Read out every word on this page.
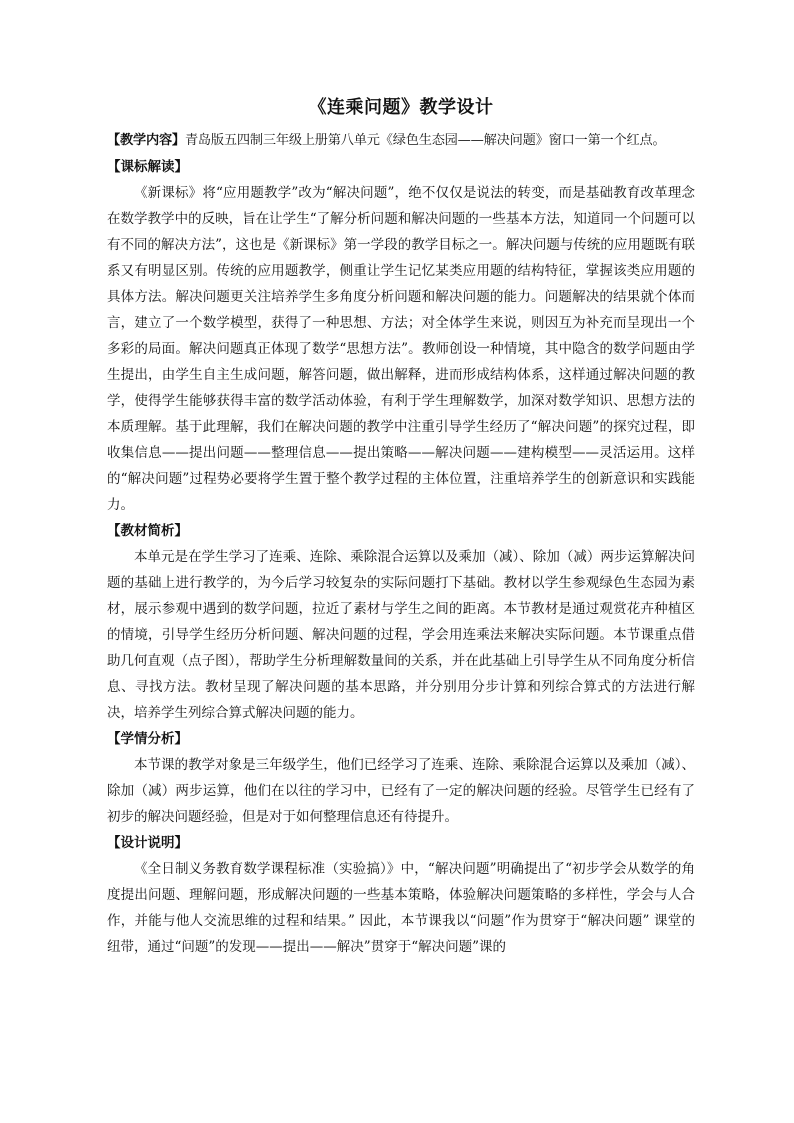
《连乘问题》教学设计

【教学内容】青岛版五四制三年级上册第八单元《绿色生态园——解决问题》窗口一第一个红点。

【课标解读】

《新课标》将“应用题教学”改为“解决问题”，绝不仅仅是说法的转变，而是基础教育改革理念在数学教学中的反映，旨在让学生“了解分析问题和解决问题的一些基本方法，知道同一个问题可以有不同的解决方法”，这也是《新课标》第一学段的教学目标之一。解决问题与传统的应用题既有联系又有明显区别。传统的应用题教学，侧重让学生记忆某类应用题的结构特征，掌握该类应用题的具体方法。解决问题更关注培养学生多角度分析问题和解决问题的能力。问题解决的结果就个体而言，建立了一个数学模型，获得了一种思想、方法；对全体学生来说，则因互为补充而呈现出一个多彩的局面。解决问题真正体现了数学“思想方法”。教师创设一种情境，其中隐含的数学问题由学生提出，由学生自主生成问题，解答问题，做出解释，进而形成结构体系，这样通过解决问题的教学，使得学生能够获得丰富的数学活动体验，有利于学生理解数学，加深对数学知识、思想方法的本质理解。基于此理解，我们在解决问题的教学中注重引导学生经历了“解决问题”的探究过程，即收集信息——提出问题——整理信息——提出策略——解决问题——建构模型——灵活运用。这样的“解决问题”过程势必要将学生置于整个教学过程的主体位置，注重培养学生的创新意识和实践能力。

【教材简析】

本单元是在学生学习了连乘、连除、乘除混合运算以及乘加（减）、除加（减）两步运算解决问题的基础上进行教学的，为今后学习较复杂的实际问题打下基础。教材以学生参观绿色生态园为素材，展示参观中遇到的数学问题，拉近了素材与学生之间的距离。本节教材是通过观赏花卉种植区的情境，引导学生经历分析问题、解决问题的过程，学会用连乘法来解决实际问题。本节课重点借助几何直观（点子图），帮助学生分析理解数量间的关系，并在此基础上引导学生从不同角度分析信息、寻找方法。教材呈现了解决问题的基本思路，并分别用分步计算和列综合算式的方法进行解决，培养学生列综合算式解决问题的能力。

【学情分析】

本节课的教学对象是三年级学生，他们已经学习了连乘、连除、乘除混合运算以及乘加（减）、除加（减）两步运算，他们在以往的学习中，已经有了一定的解决问题的经验。尽管学生已经有了初步的解决问题经验，但是对于如何整理信息还有待提升。

【设计说明】

《全日制义务教育数学课程标准（实验搞）》中，“解决问题”明确提出了“初步学会从数学的角度提出问题、理解问题，形成解决问题的一些基本策略，体验解决问题策略的多样性，学会与人合作，并能与他人交流思维的过程和结果。” 因此，本节课我以“问题”作为贯穿于“解决问题” 课堂的纽带，通过“问题”的发现——提出——解决”贯穿于“解决问题”课的
